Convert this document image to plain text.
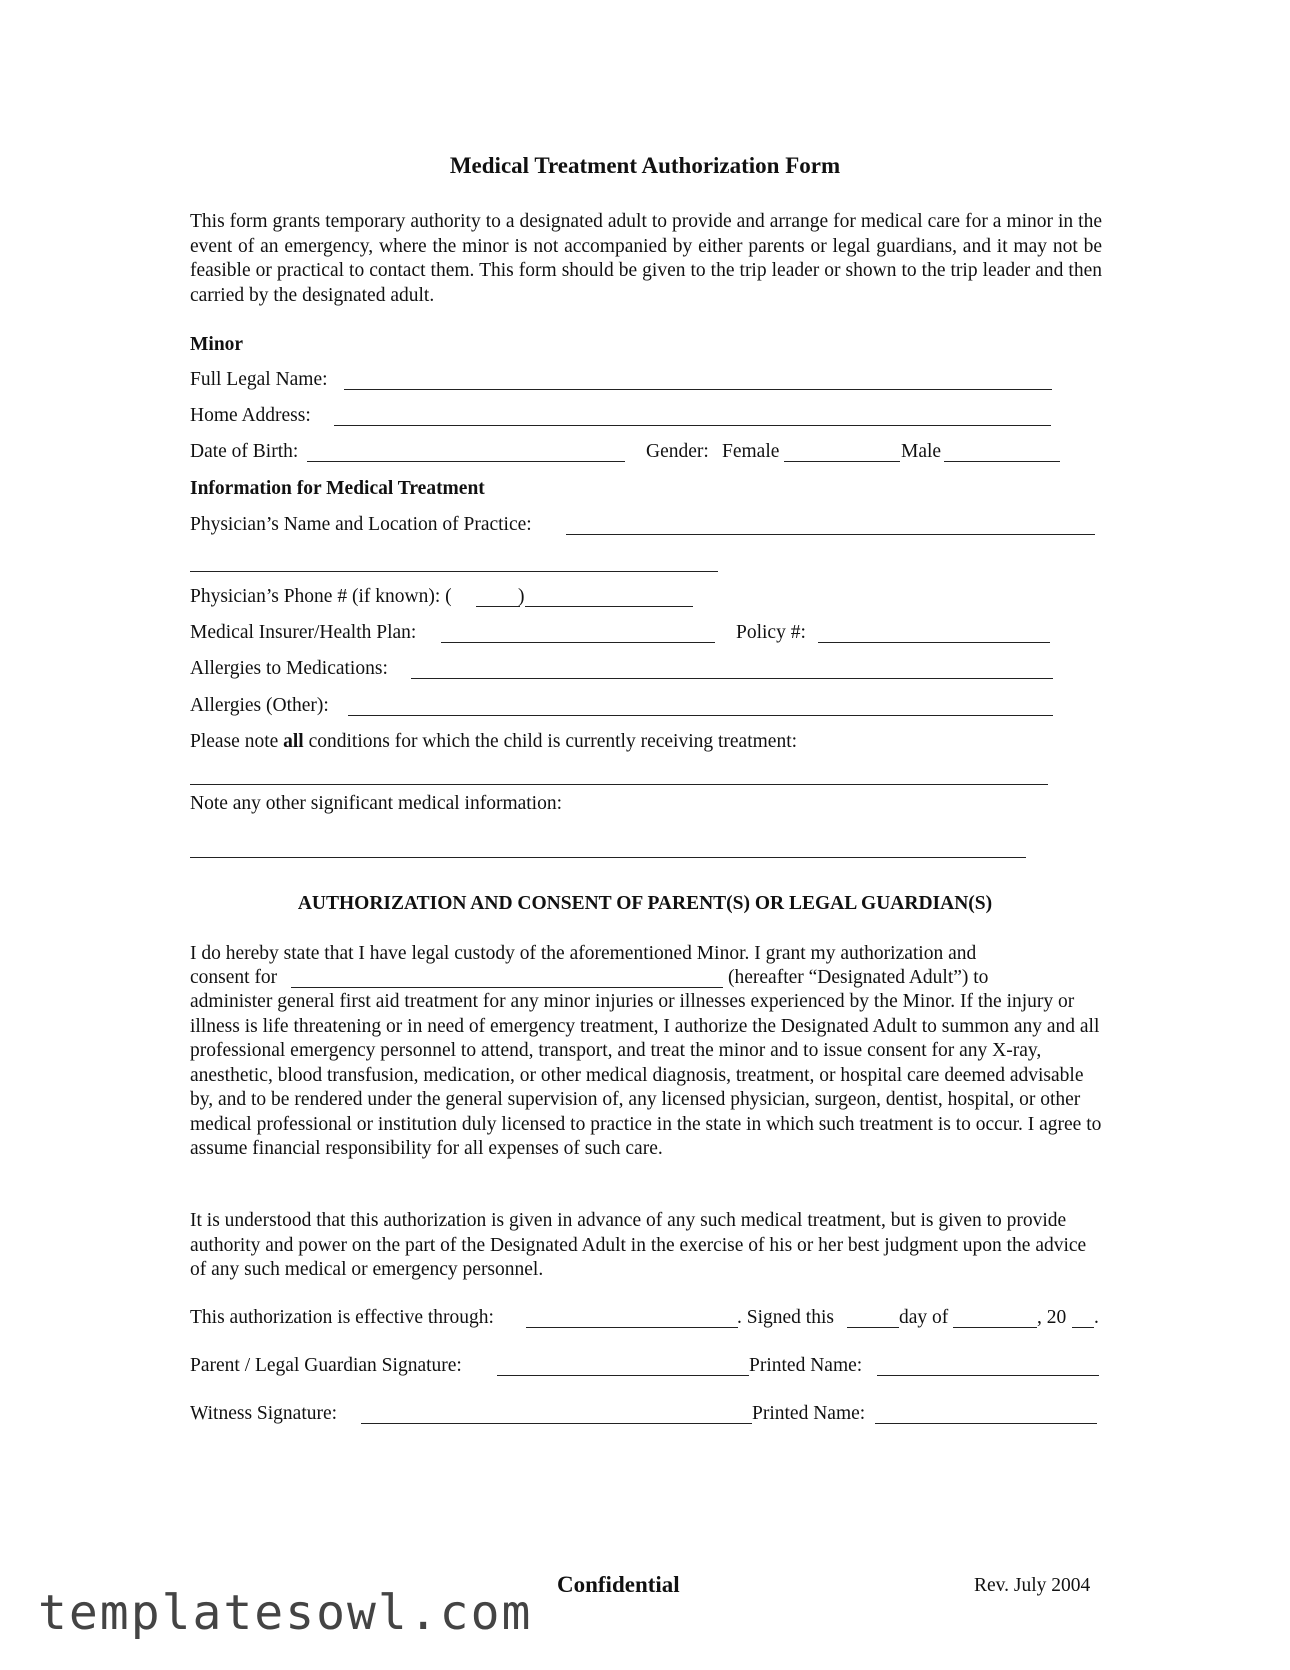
Medical Treatment Authorization Form
This form grants temporary authority to a designated adult to provide and arrange for medical care for a minor in the event of an emergency, where the minor is not accompanied by either parents or legal guardians, and it may not be feasible or practical to contact them. This form should be given to the trip leader or shown to the trip leader and then carried by the designated adult.
Minor
Full Legal Name:
Home Address:
Date of Birth:	Gender: Female	Male
Information for Medical Treatment
Physician’s Name and Location of Practice:
Physician’s Phone # (if known): (	)
Medical Insurer/Health Plan:	Policy #:
Allergies to Medications:
Allergies (Other):
Please note all conditions for which the child is currently receiving treatment:
Note any other significant medical information:
AUTHORIZATION AND CONSENT OF PARENT(S) OR LEGAL GUARDIAN(S)
I do hereby state that I have legal custody of the aforementioned Minor. I grant my authorization and
consent for	(hereafter “Designated Adult”) to
administer general first aid treatment for any minor injuries or illnesses experienced by the Minor. If the injury or illness is life threatening or in need of emergency treatment, I authorize the Designated Adult to summon any and all professional emergency personnel to attend, transport, and treat the minor and to issue consent for any X-ray, anesthetic, blood transfusion, medication, or other medical diagnosis, treatment, or hospital care deemed advisable by, and to be rendered under the general supervision of, any licensed physician, surgeon, dentist, hospital, or other medical professional or institution duly licensed to practice in the state in which such treatment is to occur. I agree to assume financial responsibility for all expenses of such care.
It is understood that this authorization is given in advance of any such medical treatment, but is given to provide authority and power on the part of the Designated Adult in the exercise of his or her best judgment upon the advice of any such medical or emergency personnel.
This authorization is effective through:	. Signed this	day of	, 20 .
Parent / Legal Guardian Signature:	Printed Name:
Witness Signature:	Printed Name:
Confidential	Rev. July 2004
templatesowl.com
